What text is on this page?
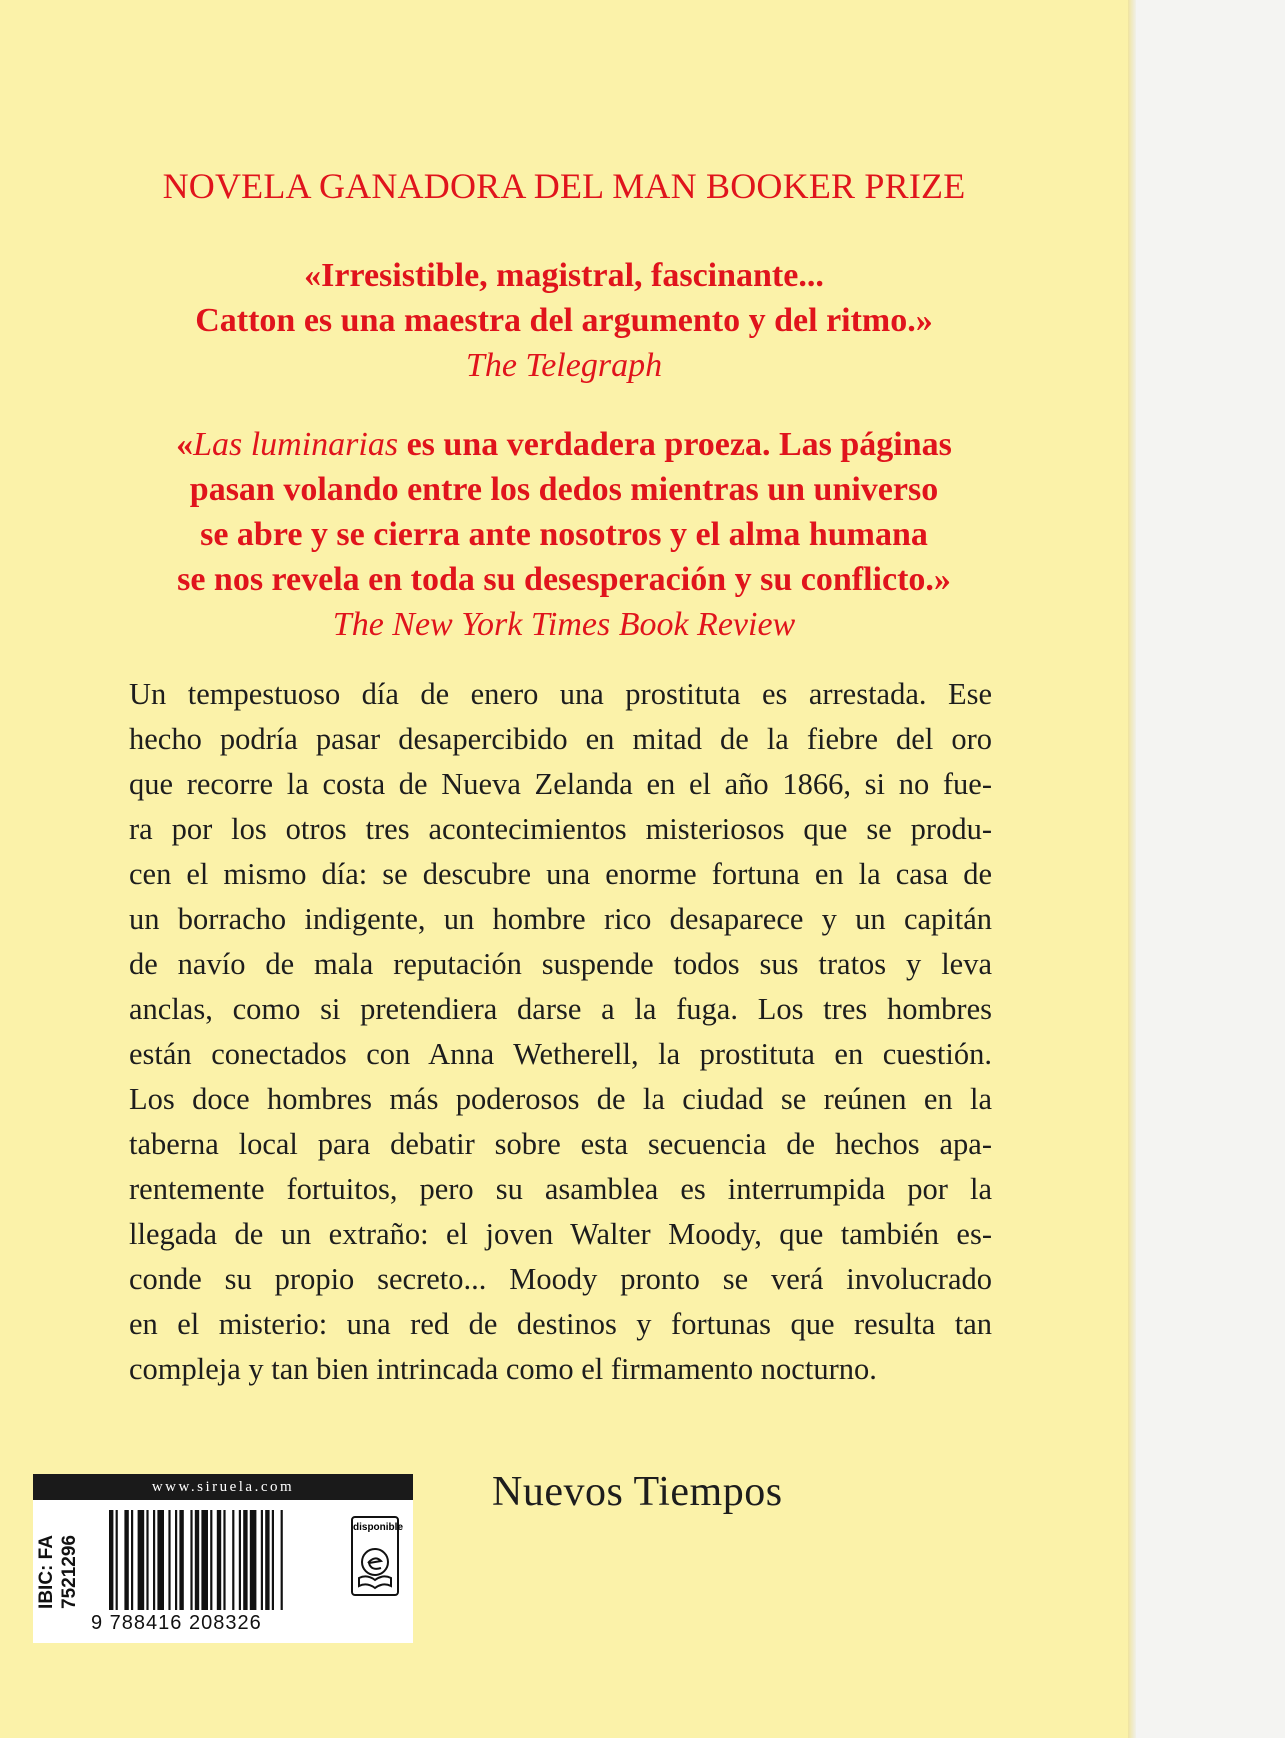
NOVELA GANADORA DEL MAN BOOKER PRIZE

«Irresistible, magistral, fascinante...

Catton es una maestra del argumento y del ritmo.»

The Telegraph

«Las luminarias es una verdadera proeza. Las páginas

pasan volando entre los dedos mientras un universo

se abre y se cierra ante nosotros y el alma humana

se nos revela en toda su desesperación y su conflicto.»

The New York Times Book Review

Un tempestuoso día de enero una prostituta es arrestada. Ese
hecho podría pasar desapercibido en mitad de la fiebre del oro
que recorre la costa de Nueva Zelanda en el año 1866, si no fue-
ra por los otros tres acontecimientos misteriosos que se produ-
cen el mismo día: se descubre una enorme fortuna en la casa de
un borracho indigente, un hombre rico desaparece y un capitán
de navío de mala reputación suspende todos sus tratos y leva
anclas, como si pretendiera darse a la fuga. Los tres hombres
están conectados con Anna Wetherell, la prostituta en cuestión.
Los doce hombres más poderosos de la ciudad se reúnen en la
taberna local para debatir sobre esta secuencia de hechos apa-
rentemente fortuitos, pero su asamblea es interrumpida por la
llegada de un extraño: el joven Walter Moody, que también es-
conde su propio secreto... Moody pronto se verá involucrado
en el misterio: una red de destinos y fortunas que resulta tan
compleja y tan bien intrincada como el firmamento nocturno.
Nuevos Tiempos
www.siruela.com
IBIC: FA 7521296
9 788416 208326
disponible
